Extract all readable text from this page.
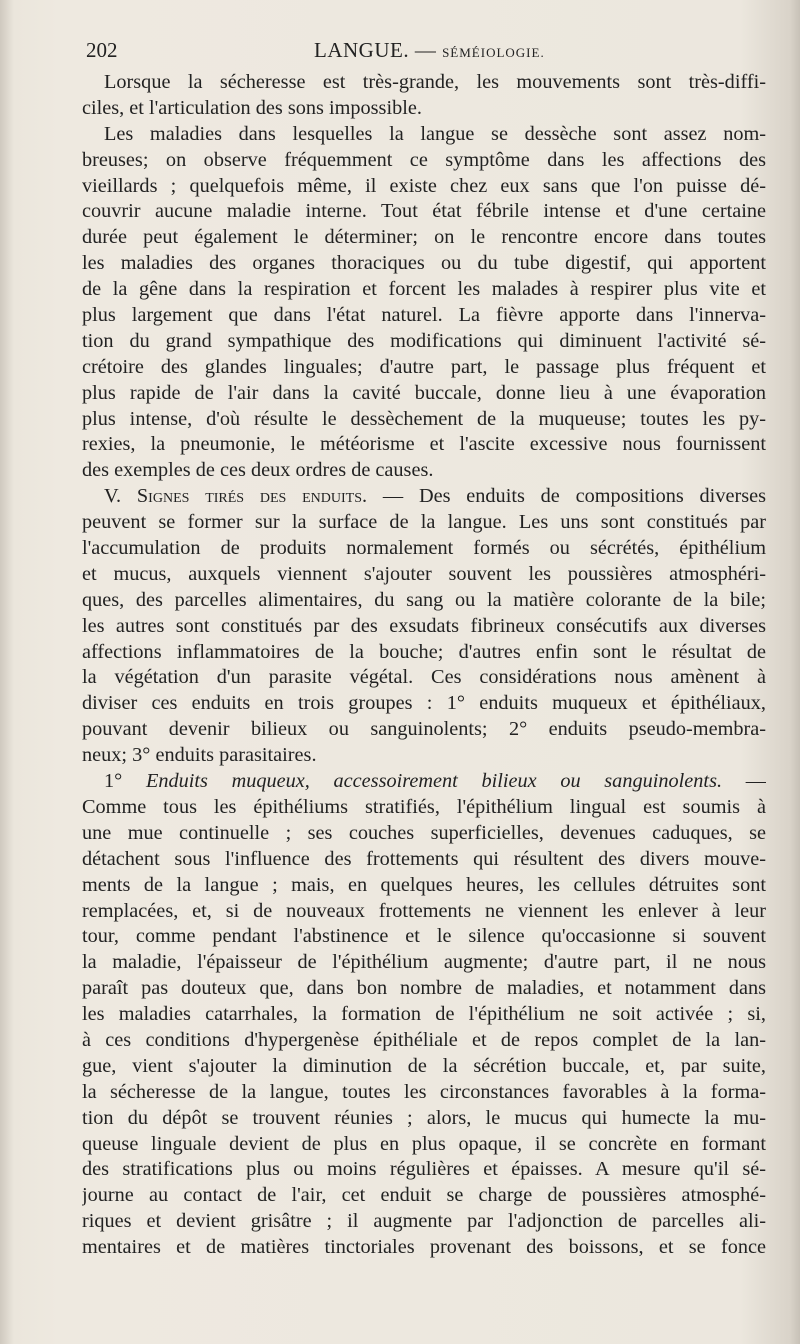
202	LANGUE. — SÉMÉIOLOGIE.
Lorsque la sécheresse est très-grande, les mouvements sont très-diffi-
ciles, et l'articulation des sons impossible.
Les maladies dans lesquelles la langue se dessèche sont assez nom-
breuses; on observe fréquemment ce symptôme dans les affections des
vieillards ; quelquefois même, il existe chez eux sans que l'on puisse dé-
couvrir aucune maladie interne. Tout état fébrile intense et d'une certaine
durée peut également le déterminer; on le rencontre encore dans toutes
les maladies des organes thoraciques ou du tube digestif, qui apportent
de la gêne dans la respiration et forcent les malades à respirer plus vite et
plus largement que dans l'état naturel. La fièvre apporte dans l'innerva-
tion du grand sympathique des modifications qui diminuent l'activité sé-
crétoire des glandes linguales; d'autre part, le passage plus fréquent et
plus rapide de l'air dans la cavité buccale, donne lieu à une évaporation
plus intense, d'où résulte le dessèchement de la muqueuse; toutes les py-
rexies, la pneumonie, le météorisme et l'ascite excessive nous fournissent
des exemples de ces deux ordres de causes.
V. Signes tirés des enduits. — Des enduits de compositions diverses
peuvent se former sur la surface de la langue. Les uns sont constitués par
l'accumulation de produits normalement formés ou sécrétés, épithélium
et mucus, auxquels viennent s'ajouter souvent les poussières atmosphéri-
ques, des parcelles alimentaires, du sang ou la matière colorante de la bile;
les autres sont constitués par des exsudats fibrineux consécutifs aux diverses
affections inflammatoires de la bouche; d'autres enfin sont le résultat de
la végétation d'un parasite végétal. Ces considérations nous amènent à
diviser ces enduits en trois groupes : 1° enduits muqueux et épithéliaux,
pouvant devenir bilieux ou sanguinolents; 2° enduits pseudo-membra-
neux; 3° enduits parasitaires.
1° Enduits muqueux, accessoirement bilieux ou sanguinolents. —
Comme tous les épithéliums stratifiés, l'épithélium lingual est soumis à
une mue continuelle ; ses couches superficielles, devenues caduques, se
détachent sous l'influence des frottements qui résultent des divers mouve-
ments de la langue ; mais, en quelques heures, les cellules détruites sont
remplacées, et, si de nouveaux frottements ne viennent les enlever à leur
tour, comme pendant l'abstinence et le silence qu'occasionne si souvent
la maladie, l'épaisseur de l'épithélium augmente; d'autre part, il ne nous
paraît pas douteux que, dans bon nombre de maladies, et notamment dans
les maladies catarrhales, la formation de l'épithélium ne soit activée ; si,
à ces conditions d'hypergenèse épithéliale et de repos complet de la lan-
gue, vient s'ajouter la diminution de la sécrétion buccale, et, par suite,
la sécheresse de la langue, toutes les circonstances favorables à la forma-
tion du dépôt se trouvent réunies ; alors, le mucus qui humecte la mu-
queuse linguale devient de plus en plus opaque, il se concrète en formant
des stratifications plus ou moins régulières et épaisses. A mesure qu'il sé-
journe au contact de l'air, cet enduit se charge de poussières atmosphé-
riques et devient grisâtre ; il augmente par l'adjonction de parcelles ali-
mentaires et de matières tinctoriales provenant des boissons, et se fonce
